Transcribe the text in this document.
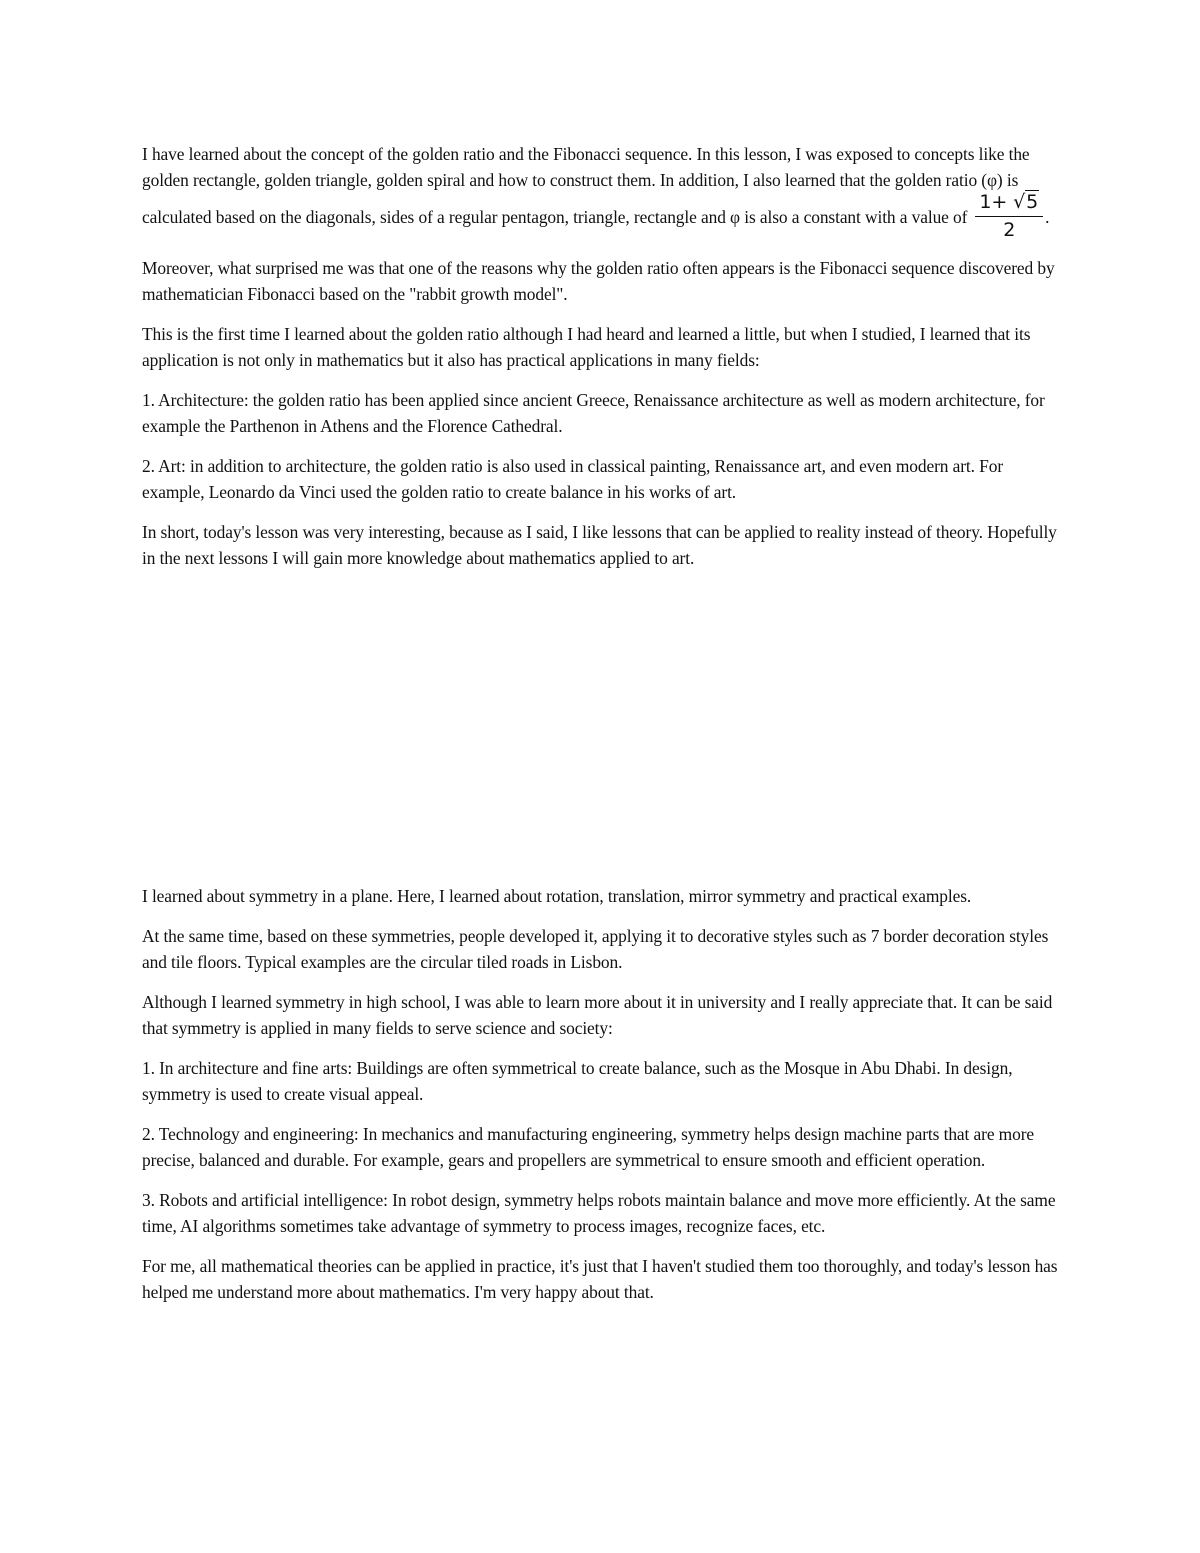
I have learned about the concept of the golden ratio and the Fibonacci sequence. In this lesson, I was exposed to concepts like the golden rectangle, golden triangle, golden spiral and how to construct them. In addition, I also learned that the golden ratio (φ) is calculated based on the diagonals, sides of a regular pentagon, triangle, rectangle and φ is also a constant with a value of $\frac{1+ √5}{2}$ .

Moreover, what surprised me was that one of the reasons why the golden ratio often appears is the Fibonacci sequence discovered by mathematician Fibonacci based on the "rabbit growth model".

This is the first time I learned about the golden ratio although I had heard and learned a little, but when I studied, I learned that its application is not only in mathematics but it also has practical applications in many fields:

1. Architecture: the golden ratio has been applied since ancient Greece, Renaissance architecture as well as modern architecture, for example the Parthenon in Athens and the Florence Cathedral.

2. Art: in addition to architecture, the golden ratio is also used in classical painting, Renaissance art, and even modern art. For example, Leonardo da Vinci used the golden ratio to create balance in his works of art.

In short, today's lesson was very interesting, because as I said, I like lessons that can be applied to reality instead of theory. Hopefully in the next lessons I will gain more knowledge about mathematics applied to art.

I learned about symmetry in a plane. Here, I learned about rotation, translation, mirror symmetry and practical examples.

At the same time, based on these symmetries, people developed it, applying it to decorative styles such as 7 border decoration styles and tile floors. Typical examples are the circular tiled roads in Lisbon.

Although I learned symmetry in high school, I was able to learn more about it in university and I really appreciate that. It can be said that symmetry is applied in many fields to serve science and society:

1. In architecture and fine arts: Buildings are often symmetrical to create balance, such as the Mosque in Abu Dhabi. In design, symmetry is used to create visual appeal.

2. Technology and engineering: In mechanics and manufacturing engineering, symmetry helps design machine parts that are more precise, balanced and durable. For example, gears and propellers are symmetrical to ensure smooth and efficient operation.

3. Robots and artificial intelligence: In robot design, symmetry helps robots maintain balance and move more efficiently. At the same time, AI algorithms sometimes take advantage of symmetry to process images, recognize faces, etc.

For me, all mathematical theories can be applied in practice, it's just that I haven't studied them too thoroughly, and today's lesson has helped me understand more about mathematics. I'm very happy about that.
